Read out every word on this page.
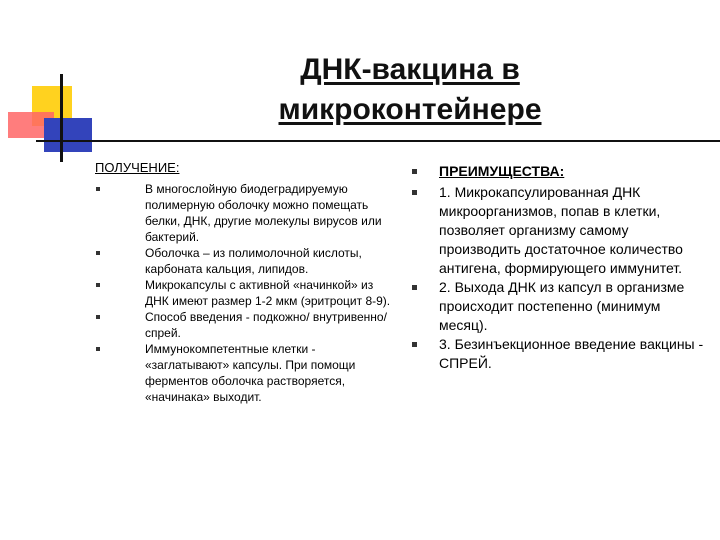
ДНК-вакцина в
микроконтейнере
ПОЛУЧЕНИЕ:
В многослойную биодеградируемую полимерную оболочку можно помещать белки, ДНК, другие молекулы вирусов или бактерий.
Оболочка – из полимолочной кислоты, карбоната кальция, липидов.
Микрокапсулы с активной «начинкой» из ДНК имеют размер 1-2 мкм (эритроцит 8-9).
Способ введения - подкожно/ внутривенно/ спрей.
Иммунокомпетентные клетки - «заглатывают» капсулы. При помощи ферментов оболочка растворяется, «начинака» выходит.
ПРЕИМУЩЕСТВА:
1. Микрокапсулированная ДНК микроорганизмов, попав в клетки, позволяет организму самому производить достаточное количество антигена, формирующего иммунитет.
2. Выхода ДНК из капсул в организме происходит постепенно (минимум месяц).
3. Безинъекционное введение вакцины - СПРЕЙ.
